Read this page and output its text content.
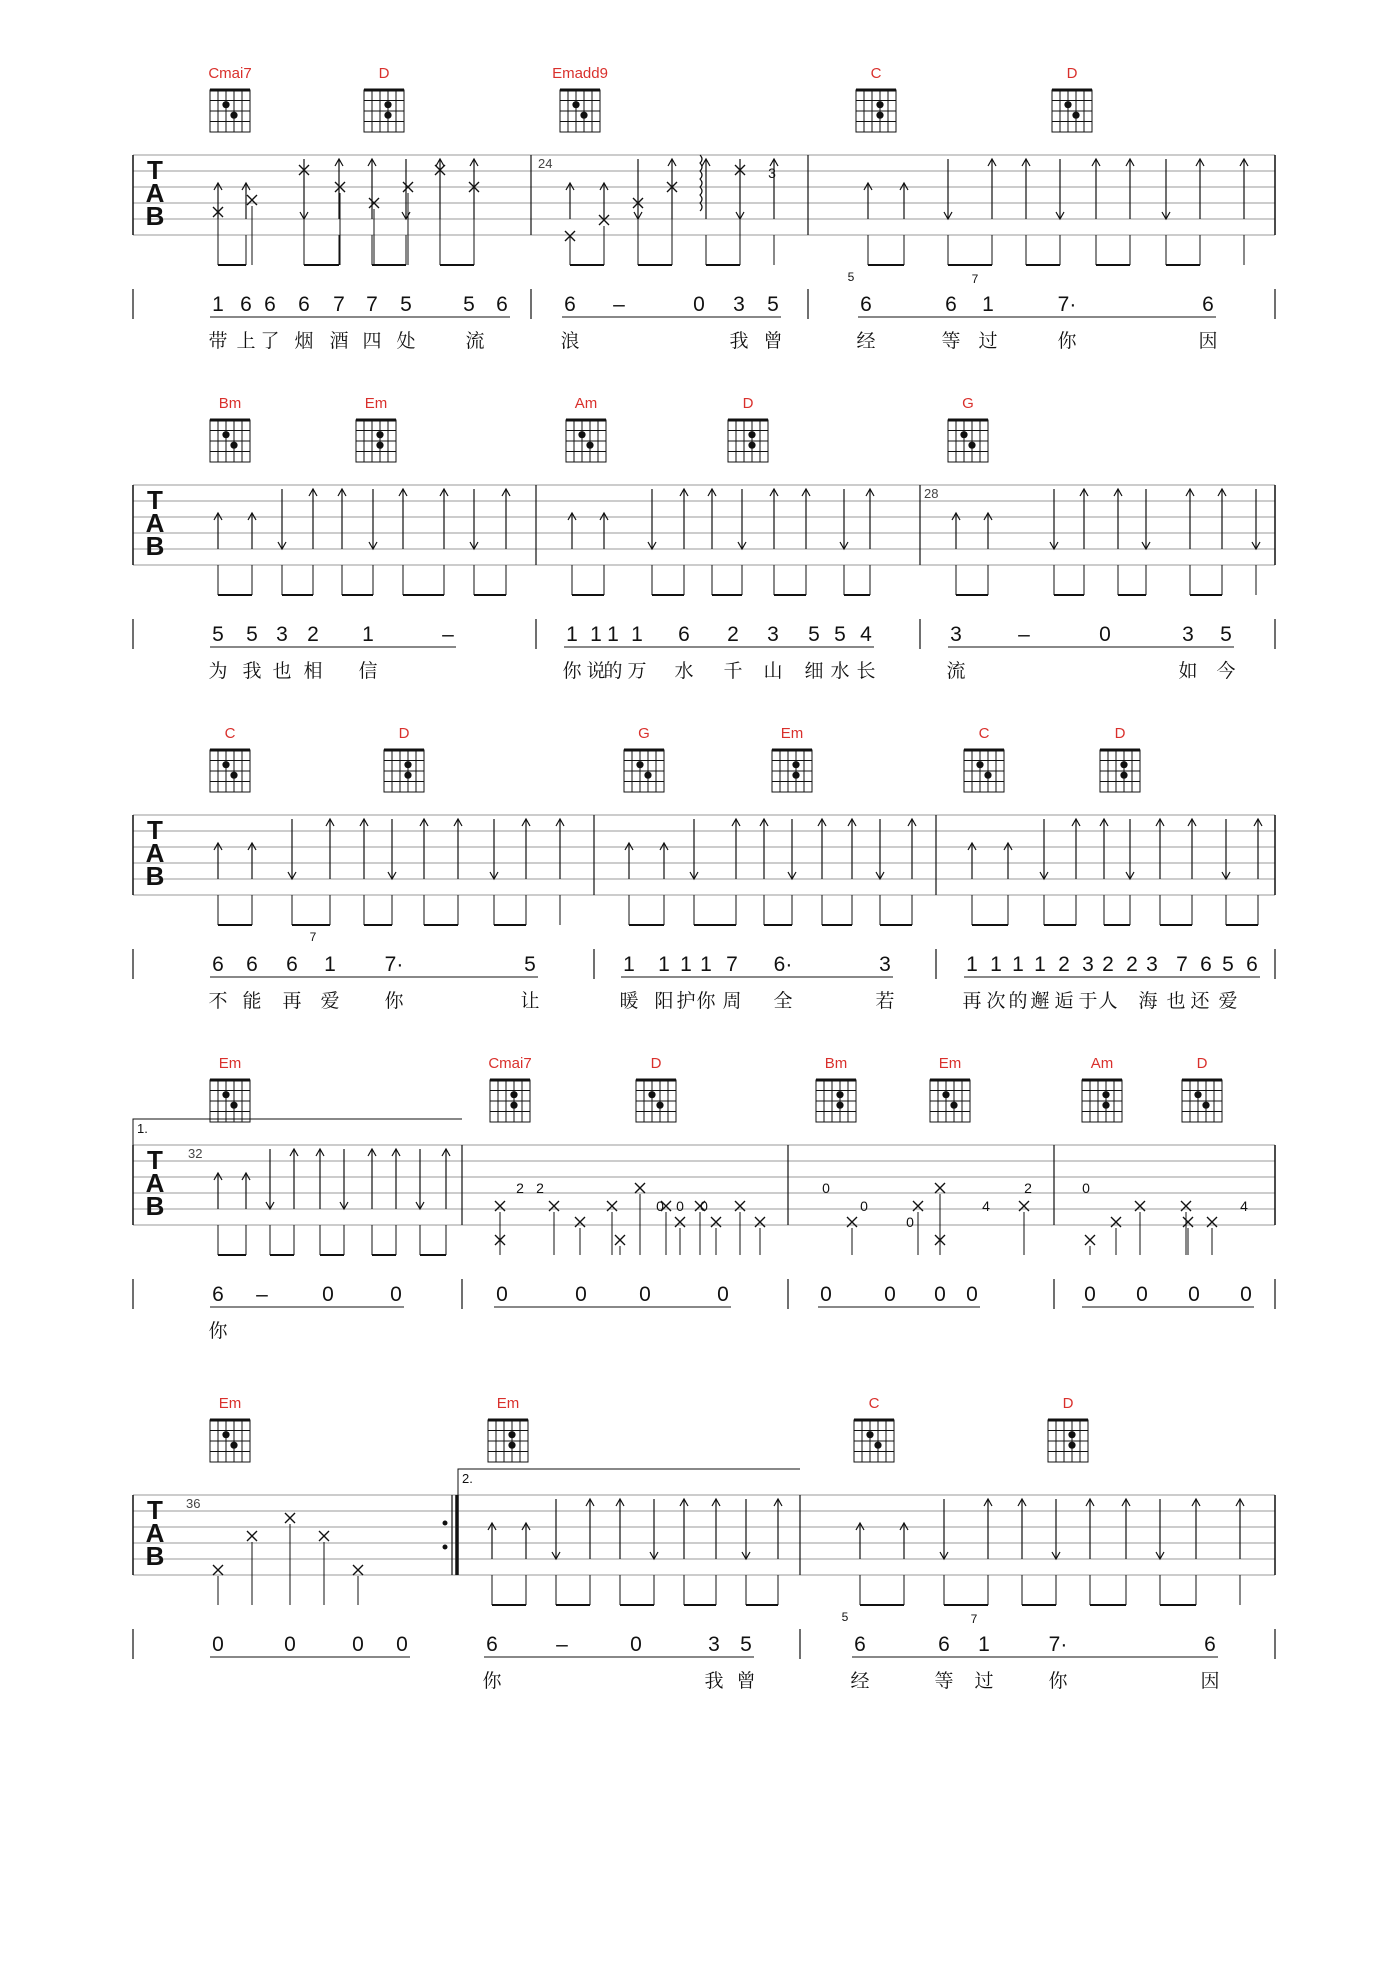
Cmai7	D	Emadd9	C	D
T
A
B
24
3
1 6 6 6 7 7 5 5 6	6 –	0 3 5	6	6 1	7·	6
5	7
带 上 了 烟 酒 四 处	流	浪	我 曾	经	等 过	你	因
Bm	Em	Am	D	G
T
A
B
28
5 5 3 2 1	–	1 1 1 1 6 2 3 5 5 4	3	–	0	3 5
为 我 也 相 信	你 说
的 万 水 千 山 细 水 长	流	如 今
C	D	G	Em	C	D
T
A
B
6 6 6 1 7·	5	1 1 1 1 7 6·	3	1 1 1 1 2 3 2 2 3 7 6 5 6
7
不 能 再 爱 你	让	暖 阳 护 你 周 全	若	再 次 的 邂 逅 于 人 海 也 还 爱
Em	Cmai7	D	Bm	Em	Am	D
T
A
B
32
1.
2 2
0 0 0
0
0
0
4
2	0
4
6 –	0	0	0	0 0	0	0 0 0 0	0 0 0 0
你
Em	Em	C	D
T
A
B
36
2.
0	0	0 0	6	–	0	3 5	6	6 1	7·	6
5	7
你	我 曾	经	等 过	你	因
